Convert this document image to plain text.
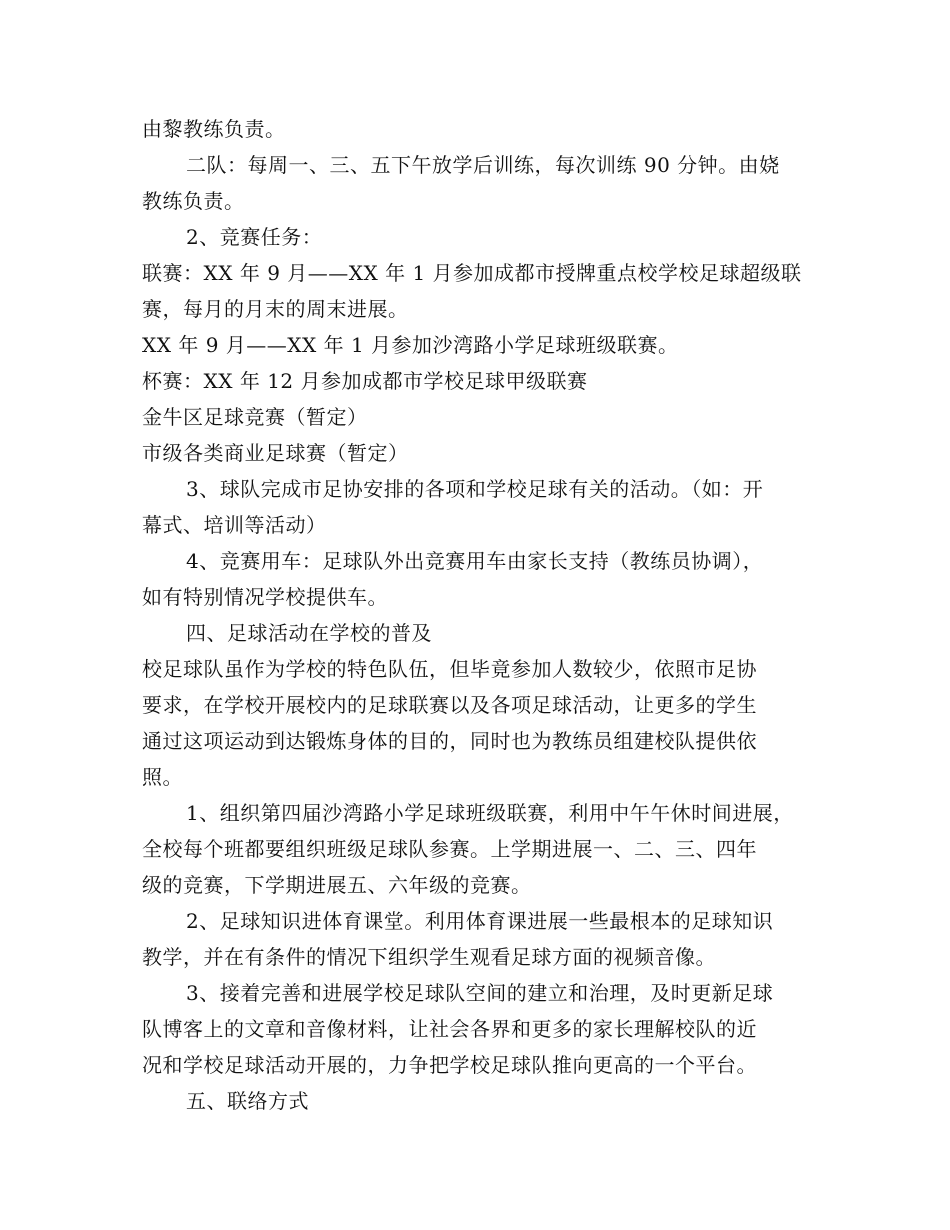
由黎教练负责。
二队：每周一、三、五下午放学后训练，每次训练 90 分钟。由娆
教练负责。
2、竞赛任务：
联赛：XX 年 9 月——XX 年 1 月参加成都市授牌重点校学校足球超级联
赛，每月的月末的周末进展。
XX 年 9 月——XX 年 1 月参加沙湾路小学足球班级联赛。
杯赛：XX 年 12 月参加成都市学校足球甲级联赛
金牛区足球竞赛（暂定）
市级各类商业足球赛（暂定）
3、球队完成市足协安排的各项和学校足球有关的活动。（如：开
幕式、培训等活动）
4、竞赛用车：足球队外出竞赛用车由家长支持（教练员协调），
如有特别情况学校提供车。
四、足球活动在学校的普及
校足球队虽作为学校的特色队伍，但毕竟参加人数较少，依照市足协
要求，在学校开展校内的足球联赛以及各项足球活动，让更多的学生
通过这项运动到达锻炼身体的目的，同时也为教练员组建校队提供依
照。
1、组织第四届沙湾路小学足球班级联赛，利用中午午休时间进展，
全校每个班都要组织班级足球队参赛。上学期进展一、二、三、四年
级的竞赛，下学期进展五、六年级的竞赛。
2、足球知识进体育课堂。利用体育课进展一些最根本的足球知识
教学，并在有条件的情况下组织学生观看足球方面的视频音像。
3、接着完善和进展学校足球队空间的建立和治理，及时更新足球
队博客上的文章和音像材料，让社会各界和更多的家长理解校队的近
况和学校足球活动开展的，力争把学校足球队推向更高的一个平台。
五、联络方式
